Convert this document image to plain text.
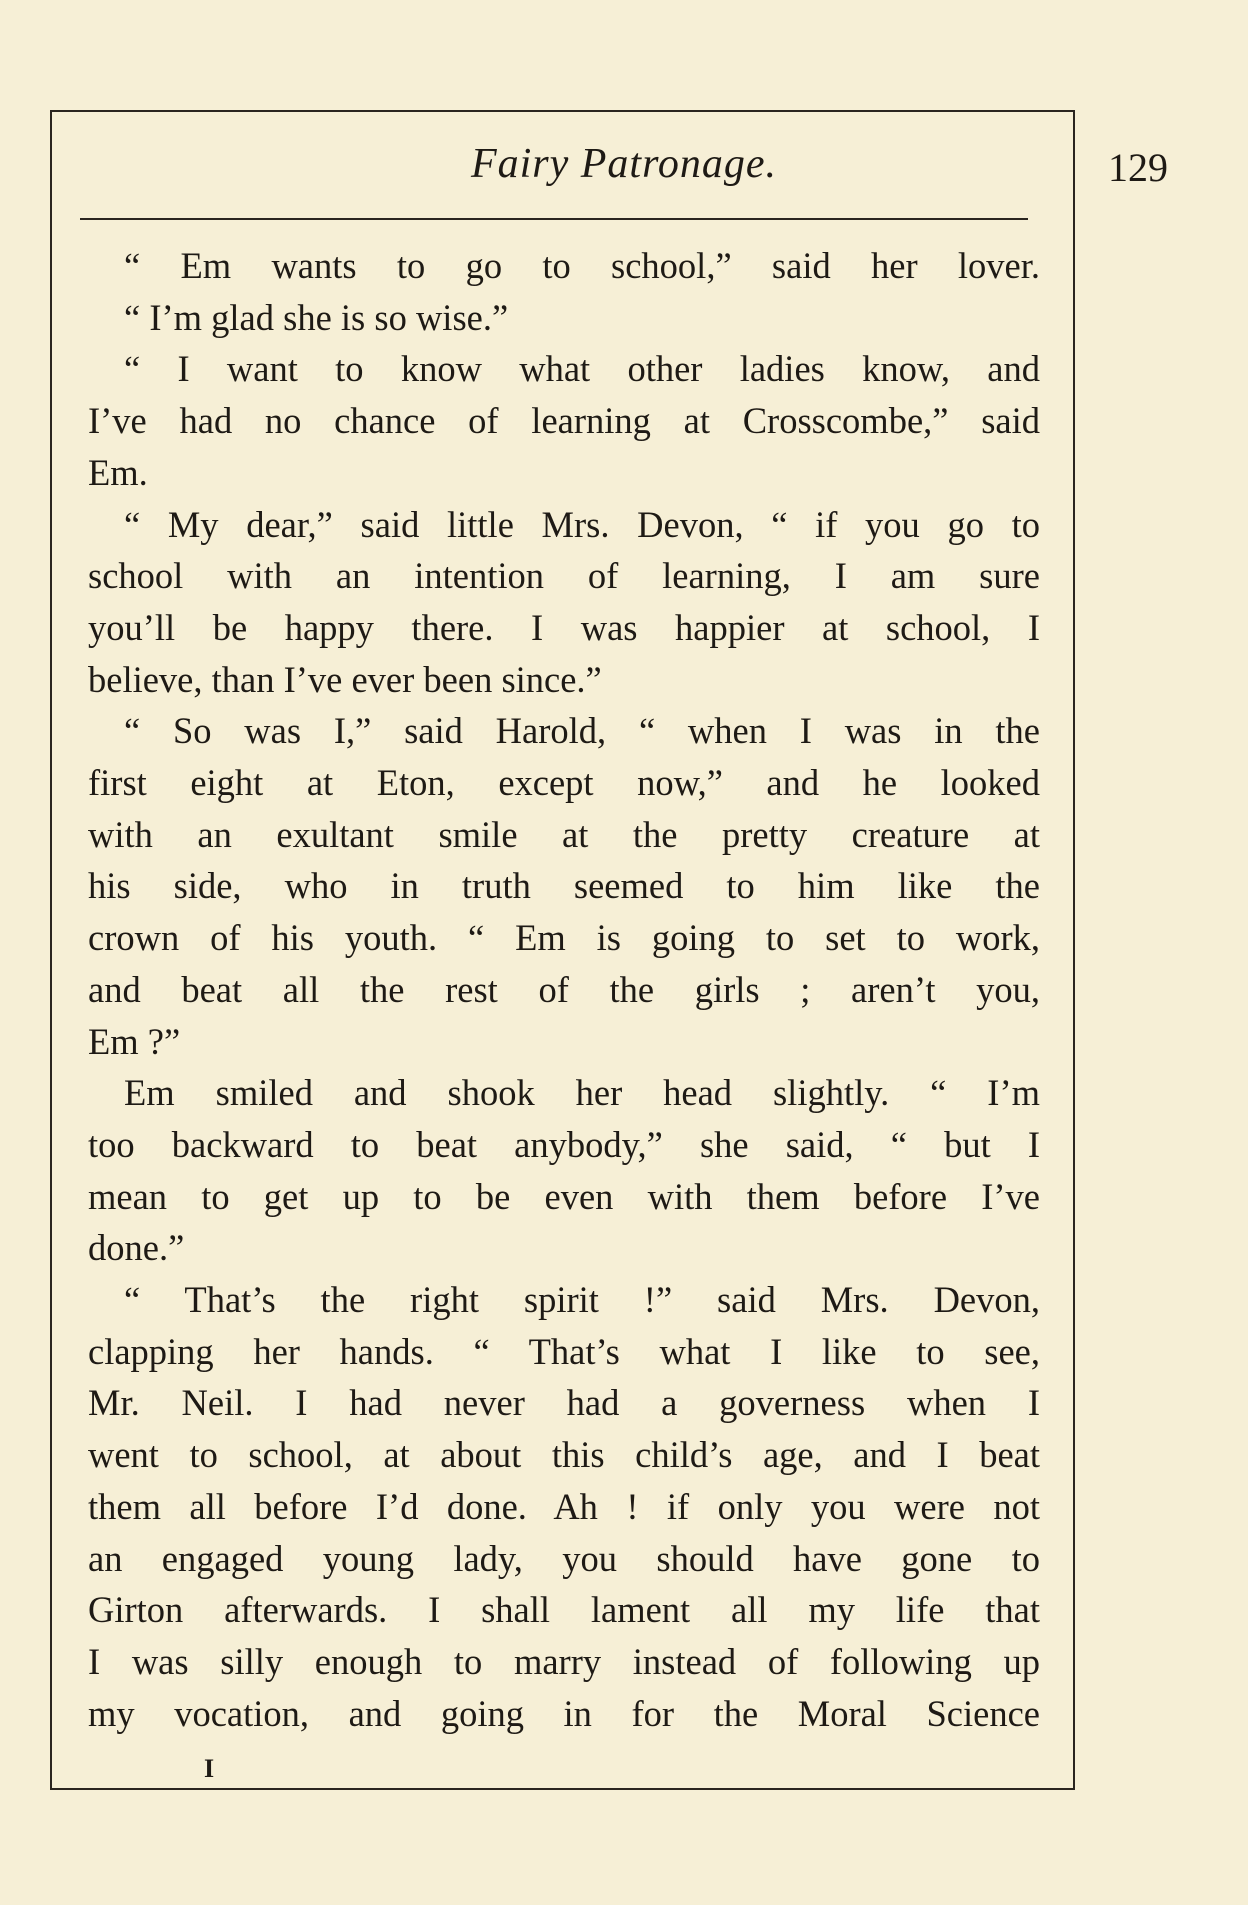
Fairy Patronage.	129
“ Em wants to go to school,” said her lover.
“ I’m glad she is so wise.”
“ I want to know what other ladies know, and
I’ve had no chance of learning at Crosscombe,” said
Em.
“ My dear,” said little Mrs. Devon, “ if you go to
school with an intention of learning, I am sure
you’ll be happy there. I was happier at school, I
believe, than I’ve ever been since.”
“ So was I,” said Harold, “ when I was in the
first eight at Eton, except now,” and he looked
with an exultant smile at the pretty creature at
his side, who in truth seemed to him like the
crown of his youth. “ Em is going to set to work,
and beat all the rest of the girls ; aren’t you,
Em ?”
Em smiled and shook her head slightly. “ I’m
too backward to beat anybody,” she said, “ but I
mean to get up to be even with them before I’ve
done.”
“ That’s the right spirit !” said Mrs. Devon,
clapping her hands. “ That’s what I like to see,
Mr. Neil. I had never had a governess when I
went to school, at about this child’s age, and I beat
them all before I’d done. Ah ! if only you were not
an engaged young lady, you should have gone to
Girton afterwards. I shall lament all my life that
I was silly enough to marry instead of following up
my vocation, and going in for the Moral Science
I
